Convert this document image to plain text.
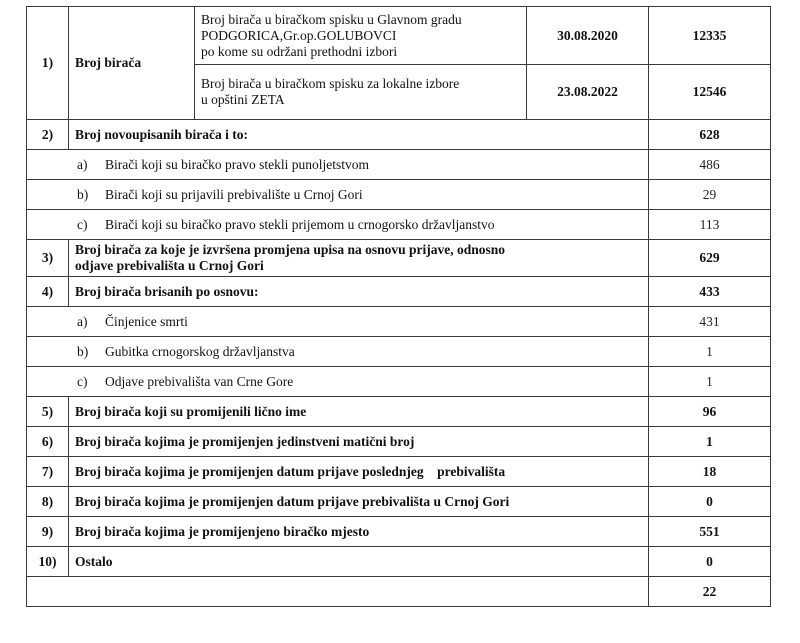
1)	Broj birača	Broj birača u biračkom spisku u Glavnom gradu
PODGORICA,Gr.op.GOLUBOVCI
po kome su održani prethodni izbori	30.08.2020	12335

		Broj birača u biračkom spisku za lokalne izbore
u opštini ZETA	23.08.2022	12546
2)	Broj novoupisanih birača i to:			628

a) Birači koji su biračko pravo stekli punoljetstvom				486

b) Birači koji su prijavili prebivalište u Crnoj Gori				29

c) Birači koji su biračko pravo stekli prijemom u crnogorsko državljanstvo				113
3)	Broj birača za koje je izvršena promjena upisa na osnovu prijave, odnosno
odjave prebivališta u Crnoj Gori			629
4)	Broj birača brisanih po osnovu:			433

a) Činjenice smrti				431

b) Gubitka crnogorskog državljanstva				1

c) Odjave prebivališta van Crne Gore				1
5)	Broj birača koji su promijenili lično ime			96
6)	Broj birača kojima je promijenjen jedinstveni matični broj			1
7)	Broj birača kojima je promijenjen datum prijave poslednjeg    prebivališta			18
8)	Broj birača kojima je promijenjen datum prijave prebivališta u Crnoj Gori			0
9)	Broj birača kojima je promijenjeno biračko mjesto			551
10)	Ostalo			0
				22
